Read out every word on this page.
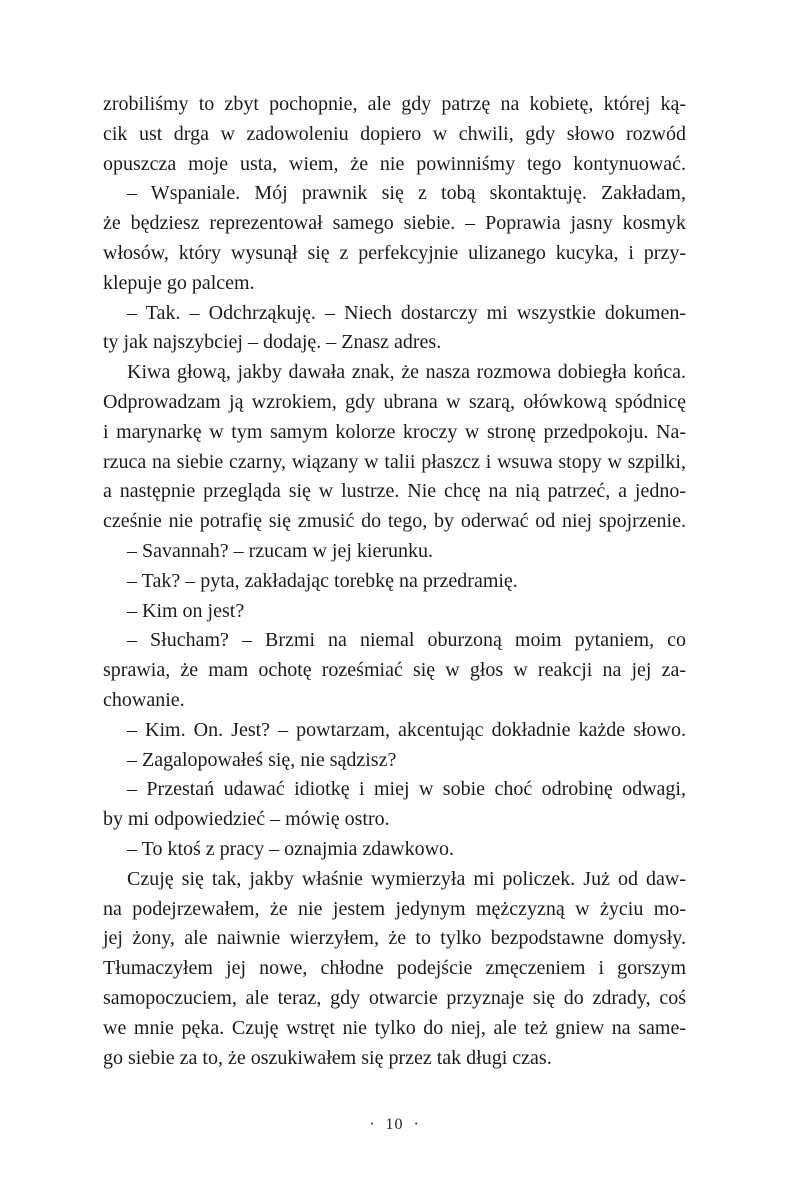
zrobiliśmy to zbyt pochopnie, ale gdy patrzę na kobietę, której ką-
cik ust drga w zadowoleniu dopiero w chwili, gdy słowo rozwód
opuszcza moje usta, wiem, że nie powinniśmy tego kontynuować.
– Wspaniale. Mój prawnik się z tobą skontaktuję. Zakładam,
że będziesz reprezentował samego siebie. – Poprawia jasny kosmyk
włosów, który wysunął się z perfekcyjnie ulizanego kucyka, i przy-
klepuje go palcem.
– Tak. – Odchrząkuję. – Niech dostarczy mi wszystkie dokumen-
ty jak najszybciej – dodaję. – Znasz adres.
Kiwa głową, jakby dawała znak, że nasza rozmowa dobiegła końca.
Odprowadzam ją wzrokiem, gdy ubrana w szarą, ołówkową spódnicę
i marynarkę w tym samym kolorze kroczy w stronę przedpokoju. Na-
rzuca na siebie czarny, wiązany w talii płaszcz i wsuwa stopy w szpilki,
a następnie przegląda się w lustrze. Nie chcę na nią patrzeć, a jedno-
cześnie nie potrafię się zmusić do tego, by oderwać od niej spojrzenie.
– Savannah? – rzucam w jej kierunku.
– Tak? – pyta, zakładając torebkę na przedramię.
– Kim on jest?
– Słucham? – Brzmi na niemal oburzoną moim pytaniem, co
sprawia, że mam ochotę roześmiać się w głos w reakcji na jej za-
chowanie.
– Kim. On. Jest? – powtarzam, akcentując dokładnie każde słowo.
– Zagalopowałeś się, nie sądzisz?
– Przestań udawać idiotkę i miej w sobie choć odrobinę odwagi,
by mi odpowiedzieć – mówię ostro.
– To ktoś z pracy – oznajmia zdawkowo.
Czuję się tak, jakby właśnie wymierzyła mi policzek. Już od daw-
na podejrzewałem, że nie jestem jedynym mężczyzną w życiu mo-
jej żony, ale naiwnie wierzyłem, że to tylko bezpodstawne domysły.
Tłumaczyłem jej nowe, chłodne podejście zmęczeniem i gorszym
samopoczuciem, ale teraz, gdy otwarcie przyznaje się do zdrady, coś
we mnie pęka. Czuję wstręt nie tylko do niej, ale też gniew na same-
go siebie za to, że oszukiwałem się przez tak długi czas.
· 10 ·
